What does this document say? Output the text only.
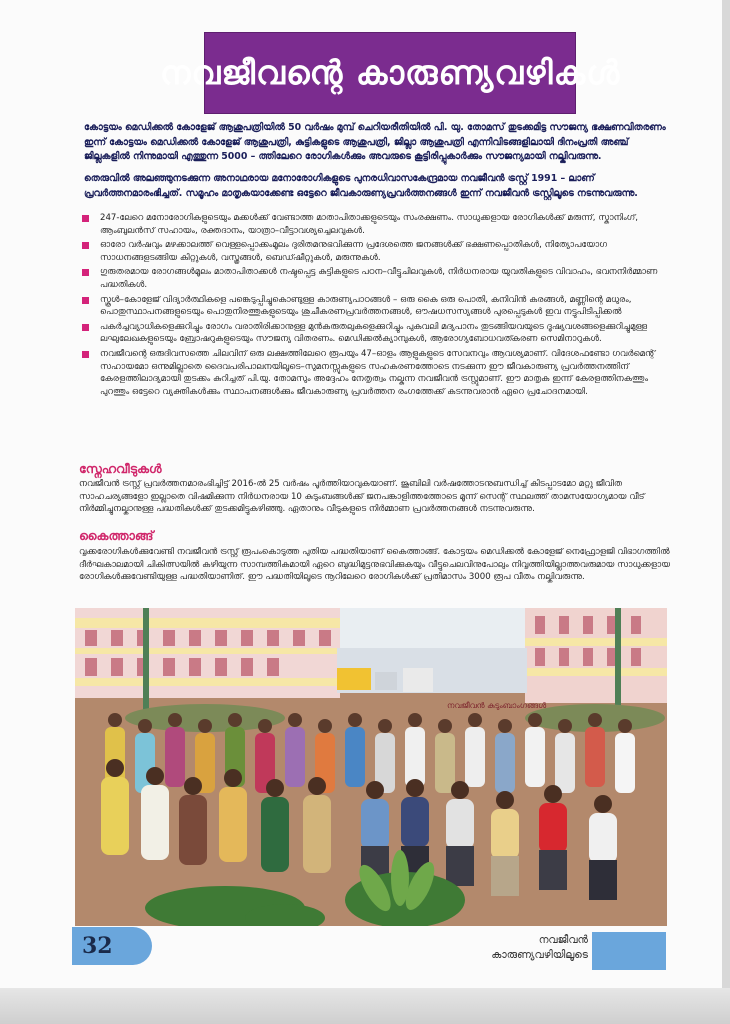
നവജീവന്റെ കാരുണ്യവഴികൾ
കോട്ടയം മെഡിക്കൽ കോളേജ് ആശുപത്രിയിൽ 50 വർഷം മുമ്പ് ചെറിയരീതിയിൽ പി. യു. തോമസ് തുടക്കമിട്ട സൗജന്യ ഭക്ഷണവിതരണം ഇന്ന് കോട്ടയം മെഡിക്കൽ കോളേജ് ആശുപത്രി, കുട്ടികളുടെ ആശുപത്രി, ജില്ലാ ആശുപത്രി എന്നിവിടങ്ങളിലായി ദിനംപ്രതി അഞ്ച് ജില്ലകളിൽ നിന്നുമായി എത്തുന്ന 5000 – ത്തിലേറെ രോഗികൾക്കും അവരുടെ കൂട്ടിരിപ്പുകാർക്കും സൗജന്യമായി നല്കിവരുന്നു.
തെരുവിൽ അലഞ്ഞുനടക്കുന്ന അനാഥരായ മനോരോഗികളുടെ പുനരധിവാസകേന്ദ്രമായ നവജീവൻ ട്രസ്റ്റ് 1991 – ലാണ് പ്രവർത്തനമാരംഭിച്ചത്. സമൂഹം മാതൃകയാക്കേണ്ട ഒട്ടേറെ ജീവകാരുണ്യപ്രവർത്തനങ്ങൾ ഇന്ന് നവജീവൻ ട്രസ്റ്റിലൂടെ നടന്നുവരുന്നു.
247-ലേറെ മനോരോഗികളുടെയും മക്കൾക്ക് വേണ്ടാത്ത മാതാപിതാക്കളുടെയും സംരക്ഷണം. സാധുക്കളായ രോഗികൾക്ക് മരുന്ന്, സ്കാനിംഗ്, ആംബുലൻസ് സഹായം, രക്തദാനം, യാത്രാ–വീട്ടാവശ്യച്ചെലവുകൾ.
ഓരോ വർഷവും മഴക്കാലത്ത് വെള്ളപ്പൊക്കംമൂലം ദുരിതമനുഭവിക്കുന്ന പ്രദേശത്തെ ജനങ്ങൾക്ക് ഭക്ഷണപ്പൊതികൾ, നിത്യോപയോഗ സാധനങ്ങളടങ്ങിയ കിറ്റുകൾ, വസ്ത്രങ്ങൾ, ബെഡ്ഷീറ്റുകൾ, മരുന്നുകൾ.
ഗുരുതരമായ രോഗങ്ങൾമൂലം മാതാപിതാക്കൾ നഷ്ടപ്പെട്ട കുട്ടികളുടെ പഠന–വീട്ടുചിലവുകൾ, നിർധനരായ യുവതികളുടെ വിവാഹം, ഭവനനിർമ്മാണ പദ്ധതികൾ.
സ്കൂൾ–കോളേജ് വിദ്യാർത്ഥികളെ പങ്കെടുപ്പിച്ചുകൊണ്ടുള്ള കാരുണ്യപാഠങ്ങൾ – ഒരു കൈ ഒരു പൊതി, കനിവിൻ കരങ്ങൾ, മണ്ണിന്റെ മധുരം, പൊതുസ്ഥാപനങ്ങളുടെയും പൊതുനിരത്തുകളുടെയും ശുചീകരണപ്രവർത്തനങ്ങൾ, ഔഷധസസ്യങ്ങൾ പുരപ്പെടുകൾ ഇവ നട്ടുപിടിപ്പിക്കൽ
പകർച്ചവ്യാധികളെക്കുറിച്ചും രോഗം വരാതിരിക്കാനുള്ള മുൻകരുതലുകളെക്കുറിച്ചും പുകവലി മദ്യപാനം തുടങ്ങിയവയുടെ ദൂഷ്യവശങ്ങളെക്കുറിച്ചുമുള്ള ലഘുലേഖകളുടെയും ബ്രോഷറുകളുടെയും സൗജന്യ വിതരണം. മെഡിക്കൽക്യാമ്പുകൾ, ആരോഗ്യബോധവത്കരണ സെമിനാറുകൾ.
നവജീവന്റെ ഒരുദിവസത്തെ ചിലവിന് ഒരു ലക്ഷത്തിലേറെ രൂപയും 47–ഓളം ആളുകളുടെ സേവനവും ആവശ്യമാണ്. വിദേശഫണ്ടോ ഗവർമെന്റ് സഹായമോ ഒന്നുമില്ലാതെ ദൈവപരിപാലനയിലൂടെ–സുമനസ്സുകളുടെ സഹകരണത്തോടെ നടക്കുന്ന ഈ ജീവകാരുണ്യ പ്രവർത്തനത്തിന് കേരളത്തിലാദ്യമായി തുടക്കം കുറിച്ചത് പി.യു. തോമസും അദ്ദേഹം നേതൃത്വം നല്കുന്ന നവജീവൻ ട്രസ്റ്റുമാണ്. ഈ മാതൃക ഇന്ന് കേരളത്തിനകത്തും പുറത്തും ഒട്ടേറെ വ്യക്തികൾക്കും സ്ഥാപനങ്ങൾക്കും ജീവകാരുണ്യ പ്രവർത്തന രംഗത്തേക്ക് കടന്നുവരാൻ ഏറെ പ്രചോദനമായി.
സ്നേഹവീടുകൾ
നവജീവൻ ട്രസ്റ്റ് പ്രവർത്തനമാരംഭിച്ചിട്ട് 2016-ൽ 25 വർഷം പൂർത്തിയാവുകയാണ്. ജൂബിലി വർഷത്തോടനുബന്ധിച്ച് കിടപ്പാടമോ മറ്റു ജീവിത സാഹചര്യങ്ങളോ ഇല്ലാതെ വിഷമിക്കുന്ന നിർധനരായ 10 കുടുംബങ്ങൾക്ക് ജനപങ്കാളിത്തത്തോടെ മൂന്ന് സെന്റ് സ്ഥലത്ത് താമസയോഗ്യമായ വീട് നിർമ്മിച്ചുനല്കാനുള്ള പദ്ധതികൾക്ക് തുടക്കമിട്ടുകഴിഞ്ഞു. ഏതാനും വീടുകളുടെ നിർമ്മാണ പ്രവർത്തനങ്ങൾ നടന്നുവരുന്നു.
കൈത്താങ്ങ്
വൃക്കരോഗികൾക്കുവേണ്ടി നവജീവൻ ട്രസ്റ്റ് രൂപംകൊടുത്ത പുതിയ പദ്ധതിയാണ് കൈത്താങ്ങ്. കോട്ടയം മെഡിക്കൽ കോളേജ് നെഫ്രോളജി വിഭാഗത്തിൽ ദീർഘകാലമായി ചികിത്സയിൽ കഴിയുന്ന സാമ്പത്തികമായി ഏറെ ബുദ്ധിമുട്ടനുഭവിക്കുകയും വീട്ടുചെലവിനുപോലും നിവൃത്തിയില്ലാത്തവരുമായ സാധുക്കളായ രോഗികൾക്കുവേണ്ടിയുള്ള പദ്ധതിയാണിത്. ഈ പദ്ധതിയിലൂടെ നൂറിലേറെ രോഗികൾക്ക് പ്രതിമാസം 3000 രൂപ വീതം നല്കിവരുന്നു.
നവജീവൻ കുടുംബാംഗങ്ങൾ
32	നവജീവൻ
കാരുണ്യവഴിയിലൂടെ
